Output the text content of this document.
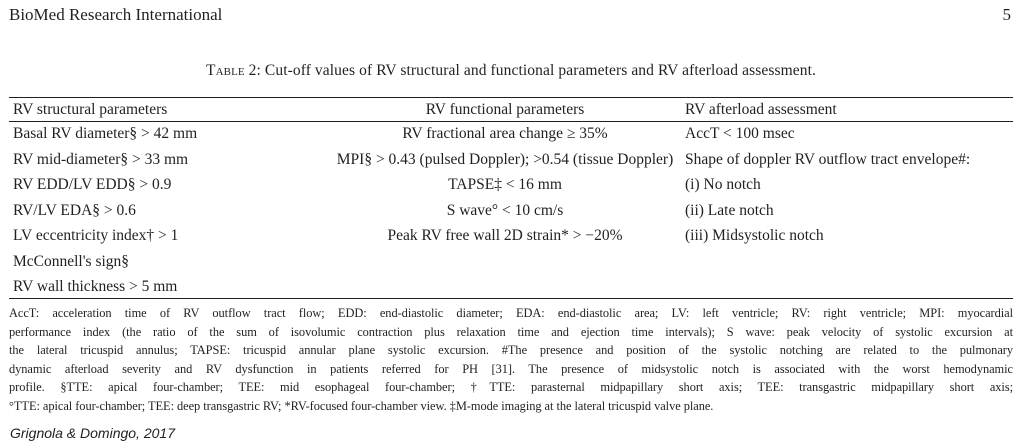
BioMed Research International	5
Table 2: Cut-off values of RV structural and functional parameters and RV afterload assessment.
RV structural parameters
Basal RV diameter§ > 42 mm
RV mid-diameter§ > 33 mm
RV EDD/LV EDD§ > 0.9
RV/LV EDA§ > 0.6
LV eccentricity index† > 1
McConnell's sign§
RV wall thickness > 5 mm
RV functional parameters
RV fractional area change ≥ 35%
MPI§ > 0.43 (pulsed Doppler); >0.54 (tissue Doppler)
TAPSE‡ < 16 mm
S wave° < 10 cm/s
Peak RV free wall 2D strain* > −20%
RV afterload assessment
AccT < 100 msec
Shape of doppler RV outflow tract envelope#:
(i) No notch
(ii) Late notch
(iii) Midsystolic notch
AccT: acceleration time of RV outflow tract flow; EDD: end-diastolic diameter; EDA: end-diastolic area; LV: left ventricle; RV: right ventricle; MPI: myocardial
performance index (the ratio of the sum of isovolumic contraction plus relaxation time and ejection time intervals); S wave: peak velocity of systolic excursion at
the lateral tricuspid annulus; TAPSE: tricuspid annular plane systolic excursion. #The presence and position of the systolic notching are related to the pulmonary
dynamic afterload severity and RV dysfunction in patients referred for PH [31]. The presence of midsystolic notch is associated with the worst hemodynamic
profile. §TTE: apical four-chamber; TEE: mid esophageal four-chamber; †TTE: parasternal midpapillary short axis; TEE: transgastric midpapillary short axis;
°TTE: apical four-chamber; TEE: deep transgastric RV; *RV-focused four-chamber view. ‡M-mode imaging at the lateral tricuspid valve plane.
Grignola & Domingo, 2017
